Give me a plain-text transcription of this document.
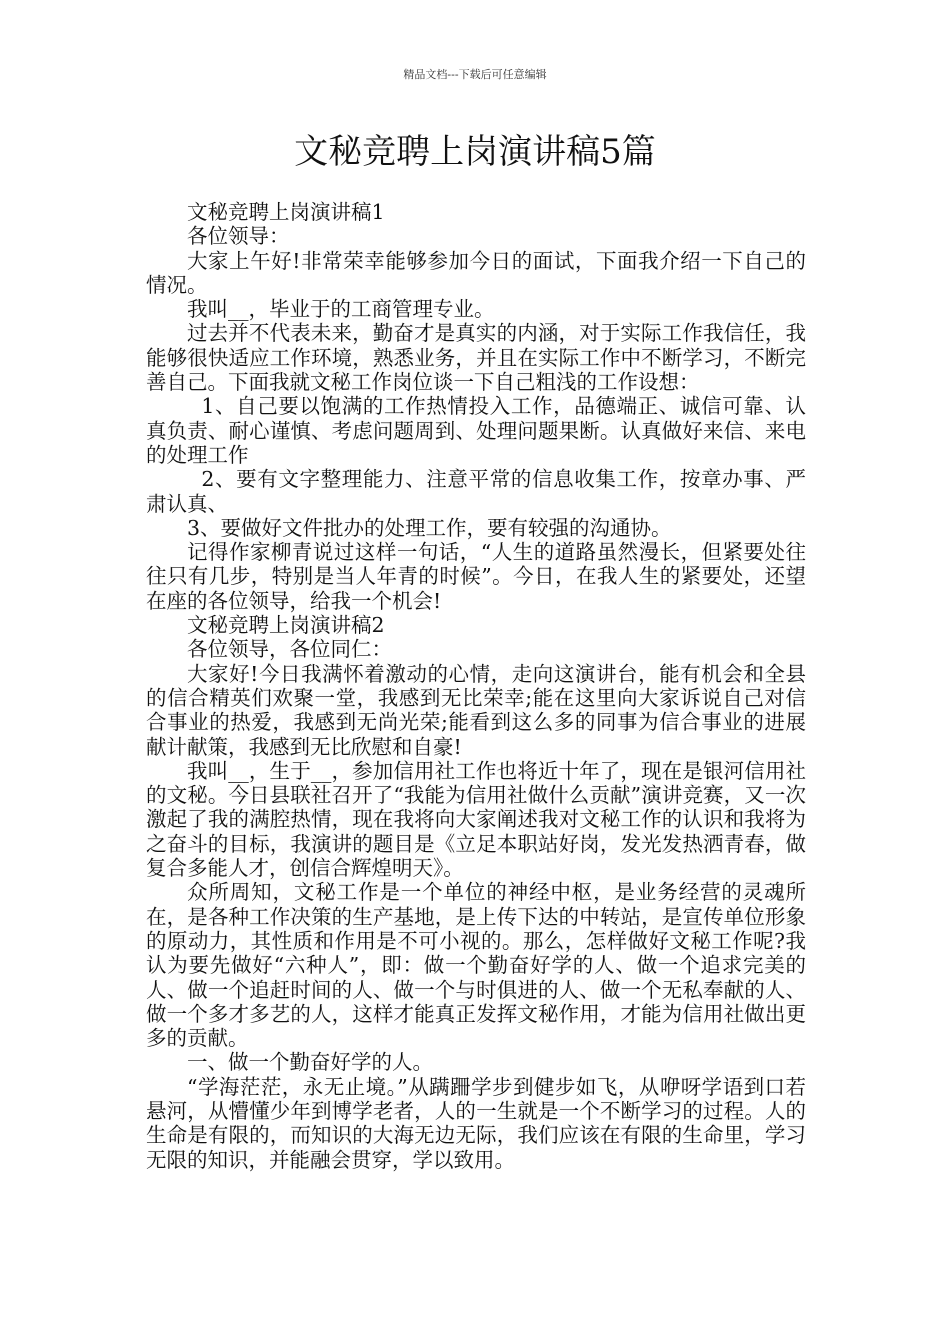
精品文档---下载后可任意编辑
文秘竞聘上岗演讲稿5篇

文秘竞聘上岗演讲稿1

各位领导：

大家上午好!非常荣幸能够参加今日的面试，下面我介绍一下自己的情况。

我叫__，毕业于的工商管理专业。

过去并不代表未来，勤奋才是真实的内涵，对于实际工作我信任，我能够很快适应工作环境，熟悉业务，并且在实际工作中不断学习，不断完善自己。下面我就文秘工作岗位谈一下自己粗浅的工作设想：

1、自己要以饱满的工作热情投入工作，品德端正、诚信可靠、认真负责、耐心谨慎、考虑问题周到、处理问题果断。认真做好来信、来电的处理工作

2、要有文字整理能力、注意平常的信息收集工作，按章办事、严肃认真、

3、要做好文件批办的处理工作，要有较强的沟通协。

记得作家柳青说过这样一句话，“人生的道路虽然漫长，但紧要处往往只有几步，特别是当人年青的时候”。今日，在我人生的紧要处，还望在座的各位领导，给我一个机会!

文秘竞聘上岗演讲稿2

各位领导，各位同仁：

大家好!今日我满怀着激动的心情，走向这演讲台，能有机会和全县的信合精英们欢聚一堂，我感到无比荣幸;能在这里向大家诉说自己对信合事业的热爱，我感到无尚光荣;能看到这么多的同事为信合事业的进展献计献策，我感到无比欣慰和自豪!

我叫__，生于__，参加信用社工作也将近十年了，现在是银河信用社的文秘。今日县联社召开了“我能为信用社做什么贡献”演讲竞赛，又一次激起了我的满腔热情，现在我将向大家阐述我对文秘工作的认识和我将为之奋斗的目标，我演讲的题目是《立足本职站好岗，发光发热洒青春，做复合多能人才，创信合辉煌明天》。

众所周知，文秘工作是一个单位的神经中枢，是业务经营的灵魂所在，是各种工作决策的生产基地，是上传下达的中转站，是宣传单位形象的原动力，其性质和作用是不可小视的。那么，怎样做好文秘工作呢?我认为要先做好“六种人”，即：做一个勤奋好学的人、做一个追求完美的人、做一个追赶时间的人、做一个与时俱进的人、做一个无私奉献的人、做一个多才多艺的人，这样才能真正发挥文秘作用，才能为信用社做出更多的贡献。

一、做一个勤奋好学的人。

“学海茫茫，永无止境。”从蹒跚学步到健步如飞，从咿呀学语到口若悬河，从懵懂少年到博学老者，人的一生就是一个不断学习的过程。人的生命是有限的，而知识的大海无边无际，我们应该在有限的生命里，学习无限的知识，并能融会贯穿，学以致用。
